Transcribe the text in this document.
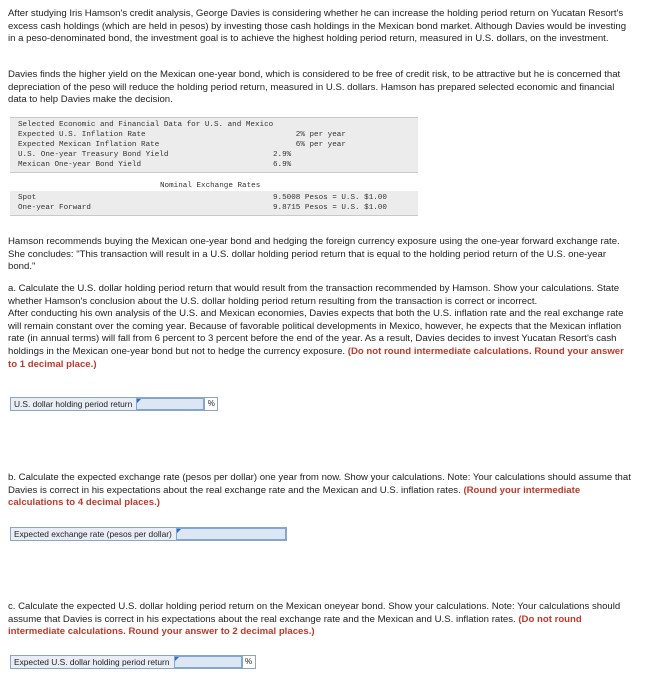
After studying Iris Hamson's credit analysis, George Davies is considering whether he can increase the holding period return on Yucatan Resort's excess cash holdings (which are held in pesos) by investing those cash holdings in the Mexican bond market. Although Davies would be investing in a peso-denominated bond, the investment goal is to achieve the highest holding period return, measured in U.S. dollars, on the investment.

Davies finds the higher yield on the Mexican one-year bond, which is considered to be free of credit risk, to be attractive but he is concerned that depreciation of the peso will reduce the holding period return, measured in U.S. dollars. Hamson has prepared selected economic and financial data to help Davies make the decision.

Selected Economic and Financial Data for U.S. and Mexico
Expected U.S. Inflation Rate	2% per year
Expected Mexican Inflation Rate	6% per year
U.S. One-year Treasury Bond Yield	2.9%
Mexican One-year Bond Yield	6.9%
Nominal Exchange Rates
Spot	9.5008 Pesos = U.S. $1.00
One-year Forward	9.8715 Pesos = U.S. $1.00

Hamson recommends buying the Mexican one-year bond and hedging the foreign currency exposure using the one-year forward exchange rate. She concludes: "This transaction will result in a U.S. dollar holding period return that is equal to the holding period return of the U.S. one-year bond."

a. Calculate the U.S. dollar holding period return that would result from the transaction recommended by Hamson. Show your calculations. State whether Hamson's conclusion about the U.S. dollar holding period return resulting from the transaction is correct or incorrect.
After conducting his own analysis of the U.S. and Mexican economies, Davies expects that both the U.S. inflation rate and the real exchange rate will remain constant over the coming year. Because of favorable political developments in Mexico, however, he expects that the Mexican inflation rate (in annual terms) will fall from 6 percent to 3 percent before the end of the year. As a result, Davies decides to invest Yucatan Resort's cash holdings in the Mexican one-year bond but not to hedge the currency exposure. (Do not round intermediate calculations. Round your answer to 1 decimal place.)
U.S. dollar holding period return	%
b. Calculate the expected exchange rate (pesos per dollar) one year from now. Show your calculations. Note: Your calculations should assume that Davies is correct in his expectations about the real exchange rate and the Mexican and U.S. inflation rates. (Round your intermediate calculations to 4 decimal places.)
Expected exchange rate (pesos per dollar)
c. Calculate the expected U.S. dollar holding period return on the Mexican oneyear bond. Show your calculations. Note: Your calculations should assume that Davies is correct in his expectations about the real exchange rate and the Mexican and U.S. inflation rates. (Do not round intermediate calculations. Round your answer to 2 decimal places.)
Expected U.S. dollar holding period return	%
